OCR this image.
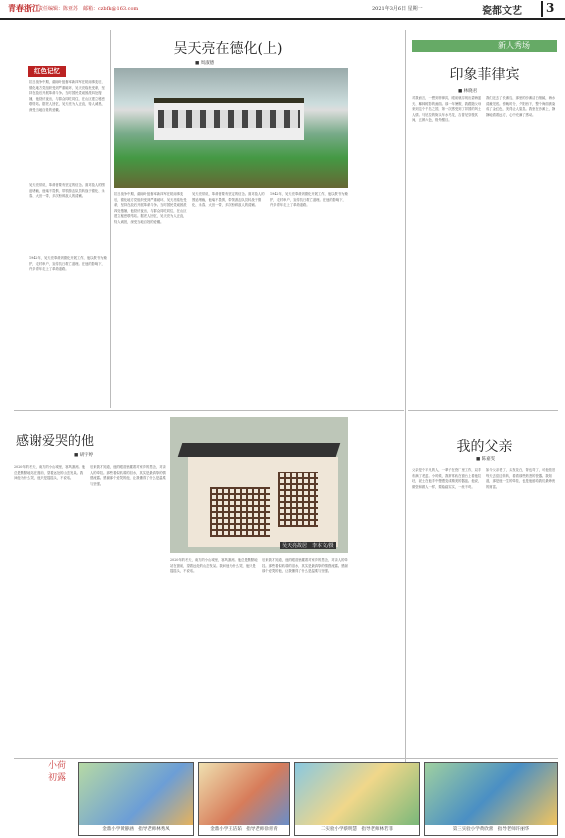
青春浙江
责任编辑：陈亚苏　邮箱：czbfk@163.com	2021年3月6日 星期一	瓷都文艺	3
红色记忆
抗日战争中期，湖南叶挺督率新四军在皖南事变后，德化地方党组织受到严重破坏，吴天亮临危受命，坚持在敌后开展革命斗争。当时国民党顽固派四处搜捕，他昼伏夜出，与群众同吃同住，在山区建立秘密联络站。据老人回忆，吴天亮为人正直，待人诚恳，深受当地百姓的爱戴。
吴天亮常说，革命者要有坚定的信念。面对敌人的围追堵截，他毫不畏惧，带领游击队员转战于德化、永春、大田一带，多次粉碎敌人的清剿。
1942年，吴天亮奉命到德化开展工作，他以教书为掩护，走村串户，宣传抗日救亡道理。在他的影响下，许多青年走上了革命道路。
吴天亮在德化(上)
■ 周淑德
吴天亮故居
抗日战争中期，湖南叶挺督率新四军在皖南事变后，德化地方党组织受到严重破坏，吴天亮临危受命，坚持在敌后开展革命斗争。当时国民党顽固派四处搜捕，他昼伏夜出，与群众同吃同住，在山区建立秘密联络站。据老人回忆，吴天亮为人正直，待人诚恳，深受当地百姓的爱戴。
吴天亮常说，革命者要有坚定的信念。面对敌人的围追堵截，他毫不畏惧，带领游击队员转战于德化、永春、大田一带，多次粉碎敌人的清剿。
1942年，吴天亮奉命到德化开展工作，他以教书为掩护，走村串户，宣传抗日救亡道理。在他的影响下，许多青年走上了革命道路。
新人秀场
印象菲律宾
■ 林晓君
对我而言，一想到菲律宾，眼前就浮现出碧海蓝天、椰林树影的画面。那一年暑假，我跟随父母来到这个千岛之国，第一次感受到了异国的风土人情。马尼拉的街头车水马龙，吉普尼穿梭其间，五颜六色，格外醒目。
我们还去了长滩岛，那里的沙滩洁白细腻，海水清澈见底。傍晚时分，夕阳西下，整个海面被染成了金红色，美得让人窒息。我坐在沙滩上，静静地看着远方，心中充满了感动。
感谢爱哭的他
■ 胡宇婷
2020年的冬天，南方的小山城里，寒风凛冽。他总是默默地站在窗前，望着远处的山峦发呆。我问他为什么哭，他只是摇摇头，不说话。
后来我才知道，他的眼泪里藏着对家乡的思念，对亲人的牵挂。那些看似软弱的泪水，其实是最真挚的情感流露。感谢那个爱哭的他，让我懂得了什么是温柔与坚强。
吴天亮故居　李本文/摄
2020年的冬天，南方的小山城里，寒风凛冽。他总是默默地站在窗前，望着远处的山峦发呆。我问他为什么哭，他只是摇摇头，不说话。
后来我才知道，他的眼泪里藏着对家乡的思念，对亲人的牵挂。那些看似软弱的泪水，其实是最真挚的情感流露。感谢那个爱哭的他，让我懂得了什么是温柔与坚强。
我的父亲
■ 陈嘉雯
父亲是个平凡的人，一辈子在瓷厂里工作，双手布满了老茧。小时候，我常常趴在窗台上看他拉坯，泥土在他手中慢慢变成精美的器皿。他说，做瓷和做人一样，要踏踏实实，一丝不苟。
如今父亲老了，头发花白，背也弯了，可他依旧每天去窑边转转，看看那些熟悉的瓷器。我知道，那是他一生的牵挂，也是他留给我们最珍贵的财富。
小荷初露
金鼎小学黄静涵　指导老师林秀凤	金鼎小学王洁茹　指导老师徐青青	二实验小学蔡明慧　指导老师林若菲	第三实验小学黄欣蕾　指导老师许丽华
